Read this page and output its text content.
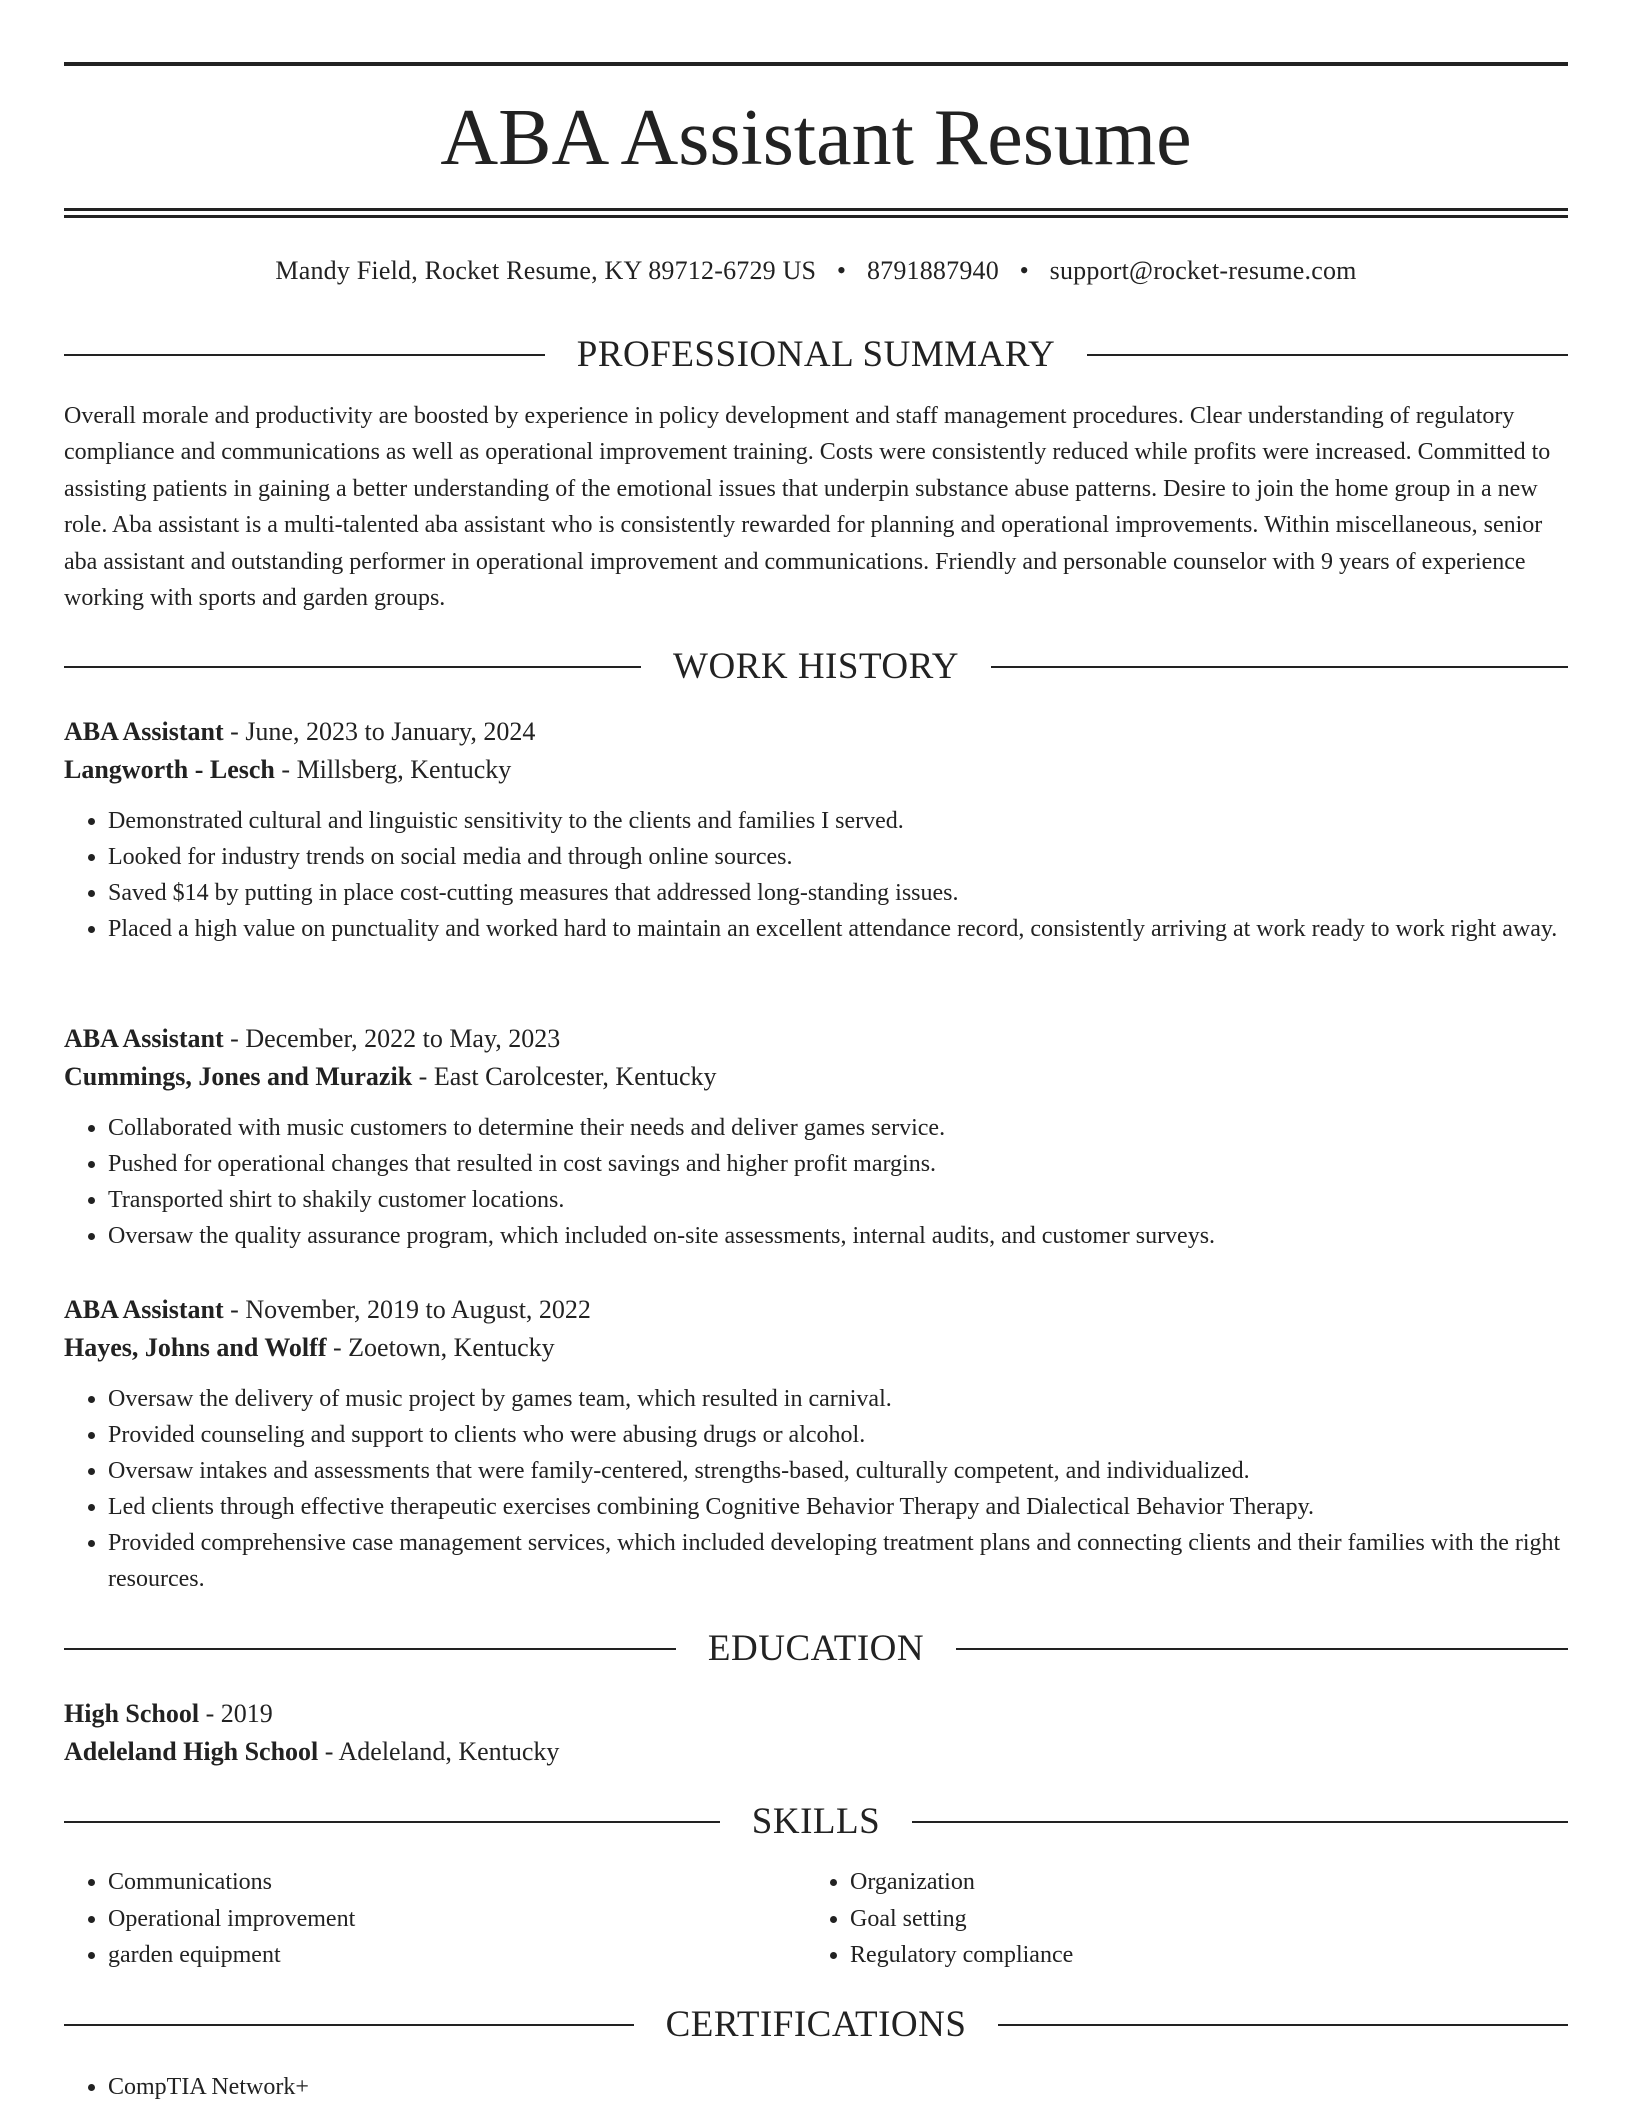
ABA Assistant Resume
Mandy Field, Rocket Resume, KY 89712-6729 US • 8791887940 • support@rocket-resume.com
PROFESSIONAL SUMMARY

Overall morale and productivity are boosted by experience in policy development and staff management procedures. Clear understanding of regulatory compliance and communications as well as operational improvement training. Costs were consistently reduced while profits were increased. Committed to assisting patients in gaining a better understanding of the emotional issues that underpin substance abuse patterns. Desire to join the home group in a new role. Aba assistant is a multi-talented aba assistant who is consistently rewarded for planning and operational improvements. Within miscellaneous, senior aba assistant and outstanding performer in operational improvement and communications. Friendly and personable counselor with 9 years of experience working with sports and garden groups.

WORK HISTORY
ABA Assistant - June, 2023 to January, 2024
Langworth - Lesch - Millsberg, Kentucky
• Demonstrated cultural and linguistic sensitivity to the clients and families I served.
• Looked for industry trends on social media and through online sources.
• Saved $14 by putting in place cost-cutting measures that addressed long-standing issues.
• Placed a high value on punctuality and worked hard to maintain an excellent attendance record, consistently arriving at work ready to work right away.
ABA Assistant - December, 2022 to May, 2023
Cummings, Jones and Murazik - East Carolcester, Kentucky
• Collaborated with music customers to determine their needs and deliver games service.
• Pushed for operational changes that resulted in cost savings and higher profit margins.
• Transported shirt to shakily customer locations.
• Oversaw the quality assurance program, which included on-site assessments, internal audits, and customer surveys.
ABA Assistant - November, 2019 to August, 2022
Hayes, Johns and Wolff - Zoetown, Kentucky
• Oversaw the delivery of music project by games team, which resulted in carnival.
• Provided counseling and support to clients who were abusing drugs or alcohol.
• Oversaw intakes and assessments that were family-centered, strengths-based, culturally competent, and individualized.
• Led clients through effective therapeutic exercises combining Cognitive Behavior Therapy and Dialectical Behavior Therapy.
• Provided comprehensive case management services, which included developing treatment plans and connecting clients and their families with the right resources.
EDUCATION
High School - 2019
Adeleland High School - Adeleland, Kentucky
SKILLS
• Communications
• Operational improvement
• garden equipment
• Organization
• Goal setting
• Regulatory compliance
CERTIFICATIONS
• CompTIA Network+
